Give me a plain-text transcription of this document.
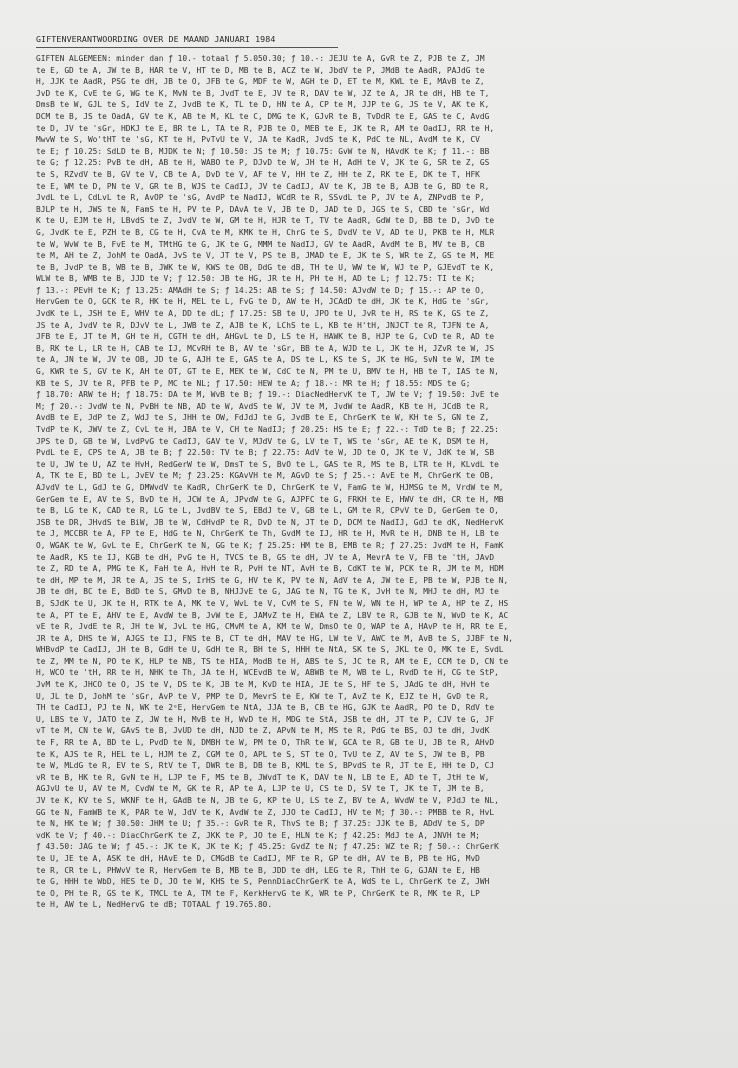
GIFTENVERANTWOORDING OVER DE MAAND JANUARI 1984
GIFTEN ALGEMEEN: minder dan ƒ 10.- totaal ƒ 5.050.30; ƒ 10.-: JEJU te A, GvR te Z, PJB te Z, JM
te E, GD te A, JW te B, HAR te V, HT te D, MB te B, ACZ te W, JbdV te P, JMdB te AadR, PAJdG te
H, JJK te AadR, PSG te dH, JB te O, JFB te G, MDF te W, AGH te D, ET te M, KWL te E, MAvB te Z,
JvD te K, CvE te G, WG te K, MvN te B, JvdT te E, JV te R, DAV te W, JZ te A, JR te dH, HB te T,
DmsB te W, GJL te S, IdV te Z, JvdB te K, TL te D, HN te A, CP te M, JJP te G, JS te V, AK te K,
DCM te B, JS te OadA, GV te K, AB te M, KL te C, DMG te K, GJvR te B, TvDdR te E, GAS te C, AvdG
te D, JV te 'sGr, HDKJ te E, BR te L, TA te R, PJB te O, MEB te E, JK te R, AM te OadIJ, RR te H,
MwvW te S, Wo'tHT te 'sG, KT te H, PvTvU te V, JA te KadR, JvdS te K, PdC te NL, AvdM te K, CV
te E; ƒ 10.25: SdLD te B, MJDK te N; ƒ 10.50: JS te M; ƒ 10.75: GvW te N, HAvdK te K; ƒ 11.-: BB
te G; ƒ 12.25: PvB te dH, AB te H, WABO te P, DJvD te W, JH te H, AdH te V, JK te G, SR te Z, GS
te S, RZvdV te B, GV te V, CB te A, DvD te V, AF te V, HH te Z, HH te Z, RK te E, DK te T, HFK
te E, WM te D, PN te V, GR te B, WJS te CadIJ, JV te CadIJ, AV te K, JB te B, AJB te G, BD te R,
JvdL te L, CdLvL te R, AvOP te 'sG, AvdP te NadIJ, WCdR te R, SSvdL te P, JV te A, ZNPvdB te P,
BJLP te H, JWS te N, FamS te H, PV te P, DAvA te V, JB te D, JAD te D, JGS te S, CBD te 'sGr, Wd
K te U, EJM te H, LBvdS te Z, JvdV te W, GM te H, HJR te T, TV te AadR, GdW te D, BB te D, JvD te
G, JvdK te E, PZH te B, CG te H, CvA te M, KMK te H, ChrG te S, DvdV te V, AD te U, PKB te H, MLR
te W, WvW te B, FvE te M, TMtHG te G, JK te G, MMM te NadIJ, GV te AadR, AvdM te B, MV te B, CB
te M, AH te Z, JohM te OadA, JvS te V, JT te V, PS te B, JMAD te E, JK te S, WR te Z, GS te M, ME
te B, JvdP te B, WB te B, JWK te W, KWS te OB, DdG te dB, TH te U, WW te W, WJ te P, GJEvdT te K,
WLW te B, WMB te B, JJD te V; ƒ 12.50: JB te HG, JR te H, PH te H, AD te L; ƒ 12.75: TI te K;
ƒ 13.-: PEvH te K; ƒ 13.25: AMAdH te S; ƒ 14.25: AB te S; ƒ 14.50: AJvdW te D; ƒ 15.-: AP te O,
HervGem te O, GCK te R, HK te H, MEL te L, FvG te D, AW te H, JCAdD te dH, JK te K, HdG te 'sGr,
JvdK te L, JSH te E, WHV te A, DD te dL; ƒ 17.25: SB te U, JPO te U, JvR te H, RS te K, GS te Z,
JS te A, JvdV te R, DJvV te L, JWB te Z, AJB te K, LChS te L, KB te H'tH, JNJCT te R, TJFN te A,
JFB te E, JT te M, GH te H, CGTH te dH, AHGvL te D, LS te H, HAWK te B, HJP te G, CvD te R, AD te
B, RK te L, LR te H, CAB te IJ, MCvRH te B, AV te 'sGr, BB te A, WJD te L, JK te H, JZvR te W, JS
te A, JN te W, JV te OB, JD te G, AJH te E, GAS te A, DS te L, KS te S, JK te HG, SvN te W, IM te
G, KWR te S, GV te K, AH te OT, GT te E, MEK te W, CdC te N, PM te U, BMV te H, HB te T, IAS te N,
KB te S, JV te R, PFB te P, MC te NL; ƒ 17.50: HEW te A; ƒ 18.-: MR te H; ƒ 18.55: MDS te G;
ƒ 18.70: ARW te H; ƒ 18.75: DA te M, WvB te B; ƒ 19.-: DiacNedHervK te T, JW te V; ƒ 19.50: JvE te
M; ƒ 20.-: JvdW te N, PvBH te NB, AD te W, AvdS te W, JV te M, JvdW te AadR, KB te H, JCdB te R,
AvdB te E, JdP te Z, WdJ te S, JHH te OW, FdJdJ te G, JvdB te E, ChrGerK te W, KH te S, GN te Z,
TvdP te K, JWV te Z, CvL te H, JBA te V, CH te NadIJ; ƒ 20.25: HS te E; ƒ 22.-: TdD te B; ƒ 22.25:
JPS te D, GB te W, LvdPvG te CadIJ, GAV te V, MJdV te G, LV te T, WS te 'sGr, AE te K, DSM te H,
PvdL te E, CPS te A, JB te B; ƒ 22.50: TV te B; ƒ 22.75: AdV te W, JD te O, JK te V, JdK te W, SB
te U, JW te U, AZ te HvH, RedGerW te W, DmsT te S, BvO te L, GAS te R, MS te B, LTR te H, KLvdL te
A, TK te E, BD te L, JvEV te M; ƒ 23.25: KGAvVH te M, AGvD te S; ƒ 25.-: AvE te M, ChrGerK te OB,
AJvdV te L, GdJ te G, DMWvdV te KadR, ChrGerK te D, ChrGerK te V, FamG te W, HJMSG te M, VrdW te M,
GerGem te E, AV te S, BvD te H, JCW te A, JPvdW te G, AJPFC te G, FRKH te E, HWV te dH, CR te H, MB
te B, LG te K, CAD te R, LG te L, JvdBV te S, EBdJ te V, GB te L, GM te R, CPvV te D, GerGem te O,
JSB te DR, JHvdS te BiW, JB te W, CdHvdP te R, DvD te N, JT te D, DCM te NadIJ, GdJ te dK, NedHervK
te J, MCCBR te A, FP te E, HdG te N, ChrGerK te Th, GvdM te IJ, HR te H, MvR te H, DNB te H, LB te
O, WGAK te W, GvL te E, ChrGerK te N, GG te K; ƒ 25.25: HM te B, EMB te R; ƒ 27.25: JvdM te H, FamK
te AadR, KS te IJ, KGB te dH, PvG te H, TVCS te B, GS te dH, JV te A, MevrA te V, FB te 'tH, JAvD
te Z, RD te A, PMG te K, FaH te A, HvH te R, PvH te NT, AvH te B, CdKT te W, PCK te R, JM te M, HDM
te dH, MP te M, JR te A, JS te S, IrHS te G, HV te K, PV te N, AdV te A, JW te E, PB te W, PJB te N,
JB te dH, BC te E, BdD te S, GMvD te B, NHJJvE te G, JAG te N, TG te K, JvH te N, MHJ te dH, MJ te
B, SJdK te U, JK te H, RTK te A, MK te V, WvL te V, CvM te S, FN te W, WN te H, WP te A, HP te Z, HS
te A, PT te E, AHV te E, AvdW te B, JvW te E, JAMvZ te H, EWA te Z, LBV te R, GJB te N, WvD te K, AC
vE te R, JvdE te R, JH te W, JvL te HG, CMvM te A, KM te W, DmsO te O, WAP te A, HAvP te H, RR te E,
JR te A, DHS te W, AJGS te IJ, FNS te B, CT te dH, MAV te HG, LW te V, AWC te M, AvB te S, JJBF te N,
WHBvdP te CadIJ, JH te B, GdH te U, GdH te R, BH te S, HHH te NtA, SK te S, JKL te O, MK te E, SvdL
te Z, MM te N, PO te K, HLP te NB, TS te HIA, ModB te H, ABS te S, JC te R, AM te E, CCM te D, CN te
H, WCO te 'tH, RR te H, NHK te Th, JA te H, WCEvdB te W, ABWB te M, WB te L, RvdD te H, CG te StP,
JvM te K, JHCO te O, JS te V, DS te K, JB te M, KvD te HIA, JE te S, HF te S, JAdG te dH, HvH te
U, JL te D, JohM te 'sGr, AvP te V, PMP te D, MevrS te E, KW te T, AvZ te K, EJZ te H, GvD te R,
TH te CadIJ, PJ te N, WK te 2ᵉE, HervGem te NtA, JJA te B, CB te HG, GJK te AadR, PO te D, RdV te
U, LBS te V, JATO te Z, JW te H, MvB te H, WvD te H, MDG te StA, JSB te dH, JT te P, CJV te G, JF
vT te M, CN te W, GAvS te B, JvUD te dH, NJD te Z, APvN te M, MS te R, PdG te BS, OJ te dH, JvdK
te F, RR te A, BD te L, PvdD te N, DMBH te W, PM te O, ThR te W, GCA te R, GB te U, JB te R, AHvD
te K, AJS te R, HEL te L, HJM te Z, CGM te O, APL te S, ST te O, TvU te Z, AV te S, JW te B, PB
te W, MLdG te R, EV te S, RtV te T, DWR te B, DB te B, KML te S, BPvdS te R, JT te E, HH te D, CJ
vR te B, HK te R, GvN te H, LJP te F, MS te B, JWvdT te K, DAV te N, LB te E, AD te T, JtH te W,
AGJvU te U, AV te M, CvdW te M, GK te R, AP te A, LJP te U, CS te D, SV te T, JK te T, JM te B,
JV te K, KV te S, WKNF te H, GAdB te N, JB te G, KP te U, LS te Z, BV te A, WvdW te V, PJdJ te NL,
GG te N, FamWB te K, PAR te W, JdV te K, AvdW te Z, JJO te CadIJ, HV te M; ƒ 30.-: PMBB te R, HvL
te N, HK te W; ƒ 30.50: JHM te U; ƒ 35.-: GvR te R, ThvS te B; ƒ 37.25: JJK te B, ADdV te S, DP
vdK te V; ƒ 40.-: DiacChrGerK te Z, JKK te P, JO te E, HLN te K; ƒ 42.25: MdJ te A, JNVH te M;
ƒ 43.50: JAG te W; ƒ 45.-: JK te K, JK te K; ƒ 45.25: GvdZ te N; ƒ 47.25: WZ te R; ƒ 50.-: ChrGerK
te U, JE te A, ASK te dH, HAvE te D, CMGdB te CadIJ, MF te R, GP te dH, AV te B, PB te HG, MvD
te R, CR te L, PHWvV te R, HervGem te B, MB te B, JDD te dH, LEG te R, ThH te G, GJAN te E, HB
te G, HHH te WbD, HES te D, JO te W, KHS te S, PennDiacChrGerK te A, WdS te L, ChrGerK te Z, JWH
te O, PH te R, GS te K, TMCL te A, TM te F, KerkHervG te K, WR te P, ChrGerK te R, MK te R, LP
te H, AW te L, NedHervG te dB; TOTAAL ƒ 19.765.80.
